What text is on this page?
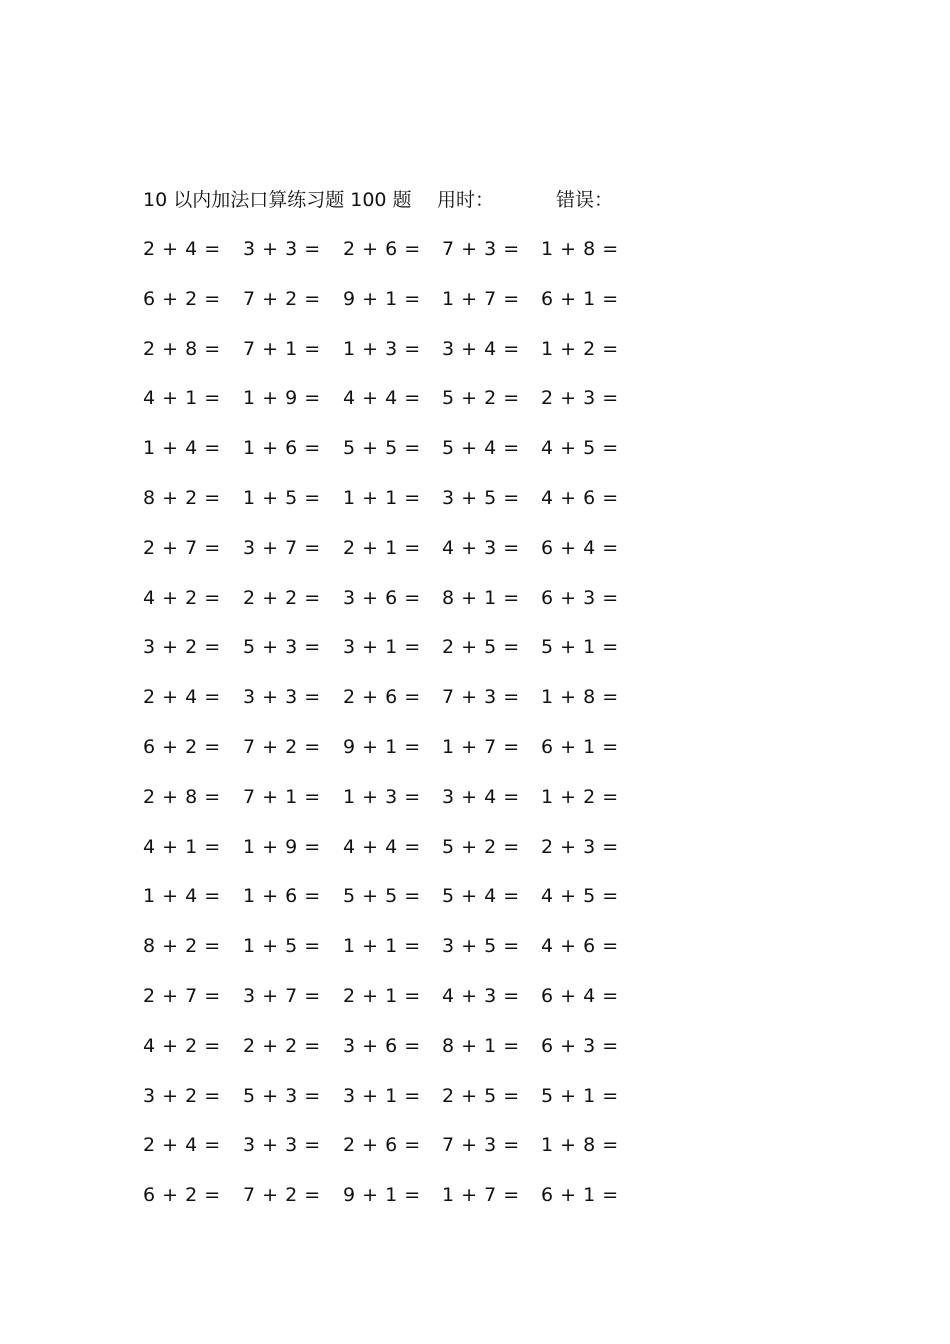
10 以内加法口算练习题 100 题 用时：	错误：
2 + 4 = 3 + 3 = 2 + 6 = 7 + 3 = 1 + 8 =
6 + 2 = 7 + 2 = 9 + 1 = 1 + 7 = 6 + 1 =
2 + 8 = 7 + 1 = 1 + 3 = 3 + 4 = 1 + 2 =
4 + 1 = 1 + 9 = 4 + 4 = 5 + 2 = 2 + 3 =
1 + 4 = 1 + 6 = 5 + 5 = 5 + 4 = 4 + 5 =
8 + 2 = 1 + 5 = 1 + 1 = 3 + 5 = 4 + 6 =
2 + 7 = 3 + 7 = 2 + 1 = 4 + 3 = 6 + 4 =
4 + 2 = 2 + 2 = 3 + 6 = 8 + 1 = 6 + 3 =
3 + 2 = 5 + 3 = 3 + 1 = 2 + 5 = 5 + 1 =
2 + 4 = 3 + 3 = 2 + 6 = 7 + 3 = 1 + 8 =
6 + 2 = 7 + 2 = 9 + 1 = 1 + 7 = 6 + 1 =
2 + 8 = 7 + 1 = 1 + 3 = 3 + 4 = 1 + 2 =
4 + 1 = 1 + 9 = 4 + 4 = 5 + 2 = 2 + 3 =
1 + 4 = 1 + 6 = 5 + 5 = 5 + 4 = 4 + 5 =
8 + 2 = 1 + 5 = 1 + 1 = 3 + 5 = 4 + 6 =
2 + 7 = 3 + 7 = 2 + 1 = 4 + 3 = 6 + 4 =
4 + 2 = 2 + 2 = 3 + 6 = 8 + 1 = 6 + 3 =
3 + 2 = 5 + 3 = 3 + 1 = 2 + 5 = 5 + 1 =
2 + 4 = 3 + 3 = 2 + 6 = 7 + 3 = 1 + 8 =
6 + 2 = 7 + 2 = 9 + 1 = 1 + 7 = 6 + 1 =
